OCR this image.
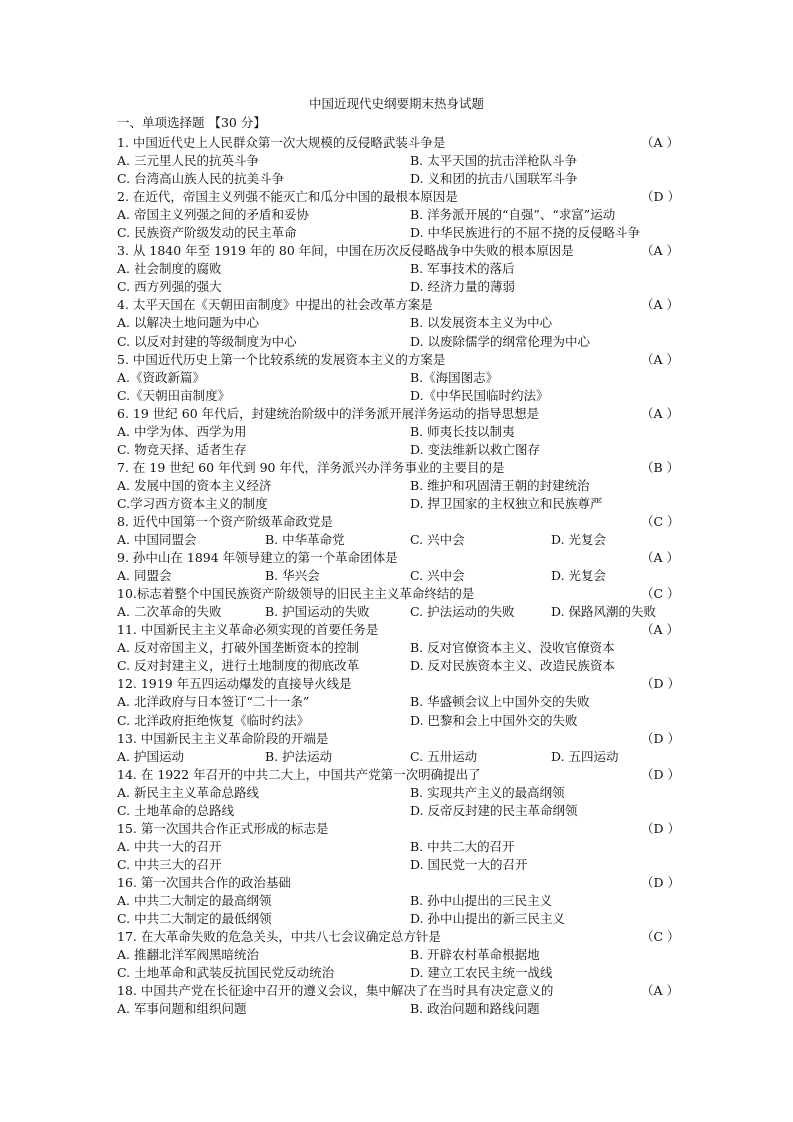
中国近现代史纲要期末热身试题
一、单项选择题 【30 分】
1. 中国近代史上人民群众第一次大规模的反侵略武装斗争是	（A ）
A. 三元里人民的抗英斗争	B. 太平天国的抗击洋枪队斗争
C. 台湾高山族人民的抗美斗争	D. 义和团的抗击八国联军斗争
2. 在近代，帝国主义列强不能灭亡和瓜分中国的最根本原因是	（D ）
A. 帝国主义列强之间的矛盾和妥协	B. 洋务派开展的“自强”、“求富”运动
C. 民族资产阶级发动的民主革命	D. 中华民族进行的不屈不挠的反侵略斗争
3. 从 1840 年至 1919 年的 80 年间，中国在历次反侵略战争中失败的根本原因是	（A ）
A. 社会制度的腐败	B. 军事技术的落后
C. 西方列强的强大	D. 经济力量的薄弱
4. 太平天国在《天朝田亩制度》中提出的社会改革方案是	（A ）
A. 以解决土地问题为中心	B. 以发展资本主义为中心
C. 以反对封建的等级制度为中心	D. 以废除儒学的纲常伦理为中心
5. 中国近代历史上第一个比较系统的发展资本主义的方案是	（A ）
A.《资政新篇》	B.《海国图志》
C.《天朝田亩制度》	D.《中华民国临时约法》
6. 19 世纪 60 年代后，封建统治阶级中的洋务派开展洋务运动的指导思想是	（A ）
A. 中学为体、西学为用	B. 师夷长技以制夷
C. 物竞天择、适者生存	D. 变法维新以救亡图存
7. 在 19 世纪 60 年代到 90 年代，洋务派兴办洋务事业的主要目的是	（B ）
A. 发展中国的资本主义经济	B. 维护和巩固清王朝的封建统治
C.学习西方资本主义的制度	D. 捍卫国家的主权独立和民族尊严
8. 近代中国第一个资产阶级革命政党是	（C ）
A. 中国同盟会	B. 中华革命党	C. 兴中会	D. 光复会
9. 孙中山在 1894 年领导建立的第一个革命团体是	（A ）
A. 同盟会	B. 华兴会	C. 兴中会	D. 光复会
10.标志着整个中国民族资产阶级领导的旧民主主义革命终结的是	（C ）
A. 二次革命的失败	B. 护国运动的失败	C. 护法运动的失败	D. 保路风潮的失败
11. 中国新民主主义革命必须实现的首要任务是	（A ）
A. 反对帝国主义，打破外国垄断资本的控制	B. 反对官僚资本主义、没收官僚资本
C. 反对封建主义，进行土地制度的彻底改革	D. 反对民族资本主义、改造民族资本
12. 1919 年五四运动爆发的直接导火线是	（D ）
A. 北洋政府与日本签订“二十一条”	B. 华盛顿会议上中国外交的失败
C. 北洋政府拒绝恢复《临时约法》	D. 巴黎和会上中国外交的失败
13. 中国新民主主义革命阶段的开端是	（D ）
A. 护国运动	B. 护法运动	C. 五卅运动	D. 五四运动
14. 在 1922 年召开的中共二大上，中国共产党第一次明确提出了	（D ）
A. 新民主主义革命总路线	B. 实现共产主义的最高纲领
C. 土地革命的总路线	D. 反帝反封建的民主革命纲领
15. 第一次国共合作正式形成的标志是	（D ）
A. 中共一大的召开	B. 中共二大的召开
C. 中共三大的召开	D. 国民党一大的召开
16. 第一次国共合作的政治基础	（D ）
A. 中共二大制定的最高纲领	B. 孙中山提出的三民主义
C. 中共二大制定的最低纲领	D. 孙中山提出的新三民主义
17. 在大革命失败的危急关头，中共八七会议确定总方针是	（C ）
A. 推翻北洋军阀黑暗统治	B. 开辟农村革命根据地
C. 土地革命和武装反抗国民党反动统治	D. 建立工农民主统一战线
18. 中国共产党在长征途中召开的遵义会议，集中解决了在当时具有决定意义的	（A ）
A. 军事问题和组织问题	B. 政治问题和路线问题
